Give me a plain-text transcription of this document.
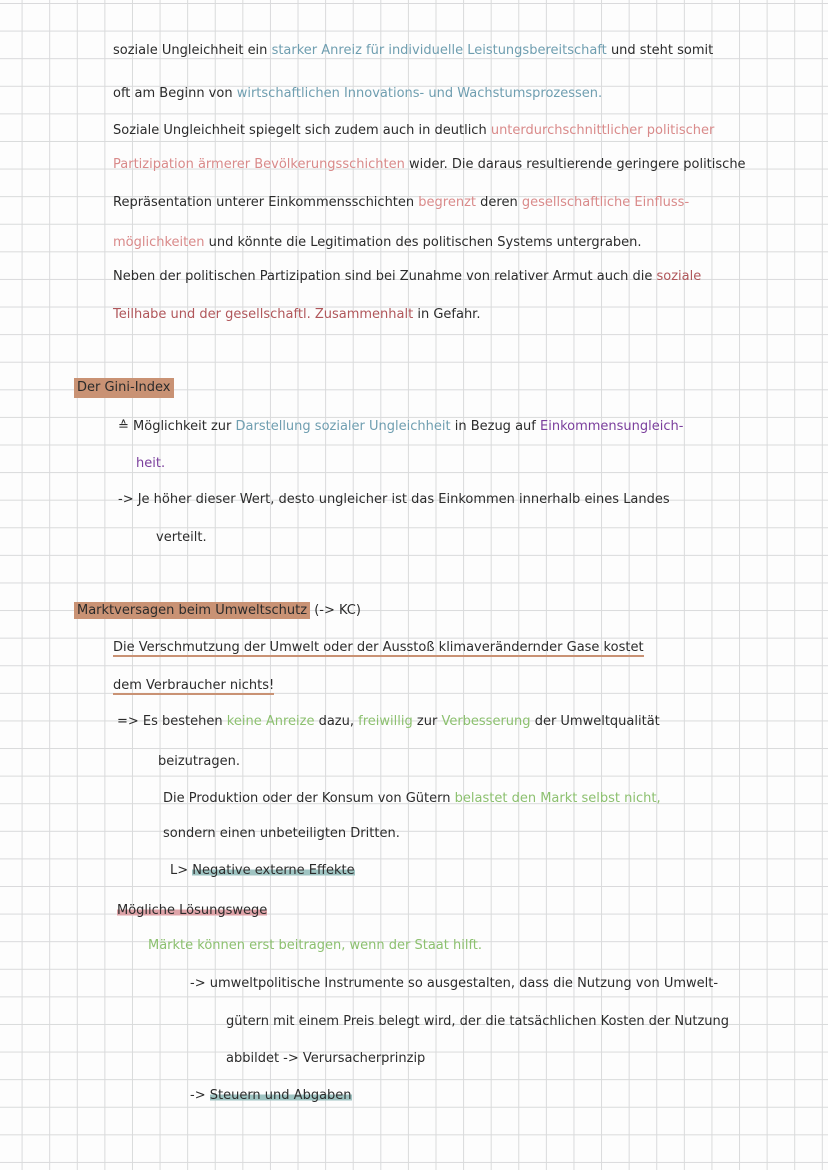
soziale Ungleichheit ein starker Anreiz für individuelle Leistungsbereitschaft und steht somit
oft am Beginn von wirtschaftlichen Innovations- und Wachstumsprozessen.
Soziale Ungleichheit spiegelt sich zudem auch in deutlich unterdurchschnittlicher politischer
Partizipation ärmerer Bevölkerungsschichten wider. Die daraus resultierende geringere politische
Repräsentation unterer Einkommensschichten begrenzt deren gesellschaftliche Einfluss-
möglichkeiten und könnte die Legitimation des politischen Systems untergraben.
Neben der politischen Partizipation sind bei Zunahme von relativer Armut auch die soziale
Teilhabe und der gesellschaftl. Zusammenhalt in Gefahr.
Der Gini-Index
≙ Möglichkeit zur Darstellung sozialer Ungleichheit in Bezug auf Einkommensungleich-
heit.
-> Je höher dieser Wert, desto ungleicher ist das Einkommen innerhalb eines Landes
verteilt.
Marktversagen beim Umweltschutz (-> KC)
Die Verschmutzung der Umwelt oder der Ausstoß klimaverändernder Gase kostet
dem Verbraucher nichts!
=> Es bestehen keine Anreize dazu, freiwillig zur Verbesserung der Umweltqualität
beizutragen.
Die Produktion oder der Konsum von Gütern belastet den Markt selbst nicht,
sondern einen unbeteiligten Dritten.
L> Negative externe Effekte
Mögliche Lösungswege
Märkte können erst beitragen, wenn der Staat hilft.
-> umweltpolitische Instrumente so ausgestalten, dass die Nutzung von Umwelt-
gütern mit einem Preis belegt wird, der die tatsächlichen Kosten der Nutzung
abbildet -> Verursacherprinzip
-> Steuern und Abgaben
